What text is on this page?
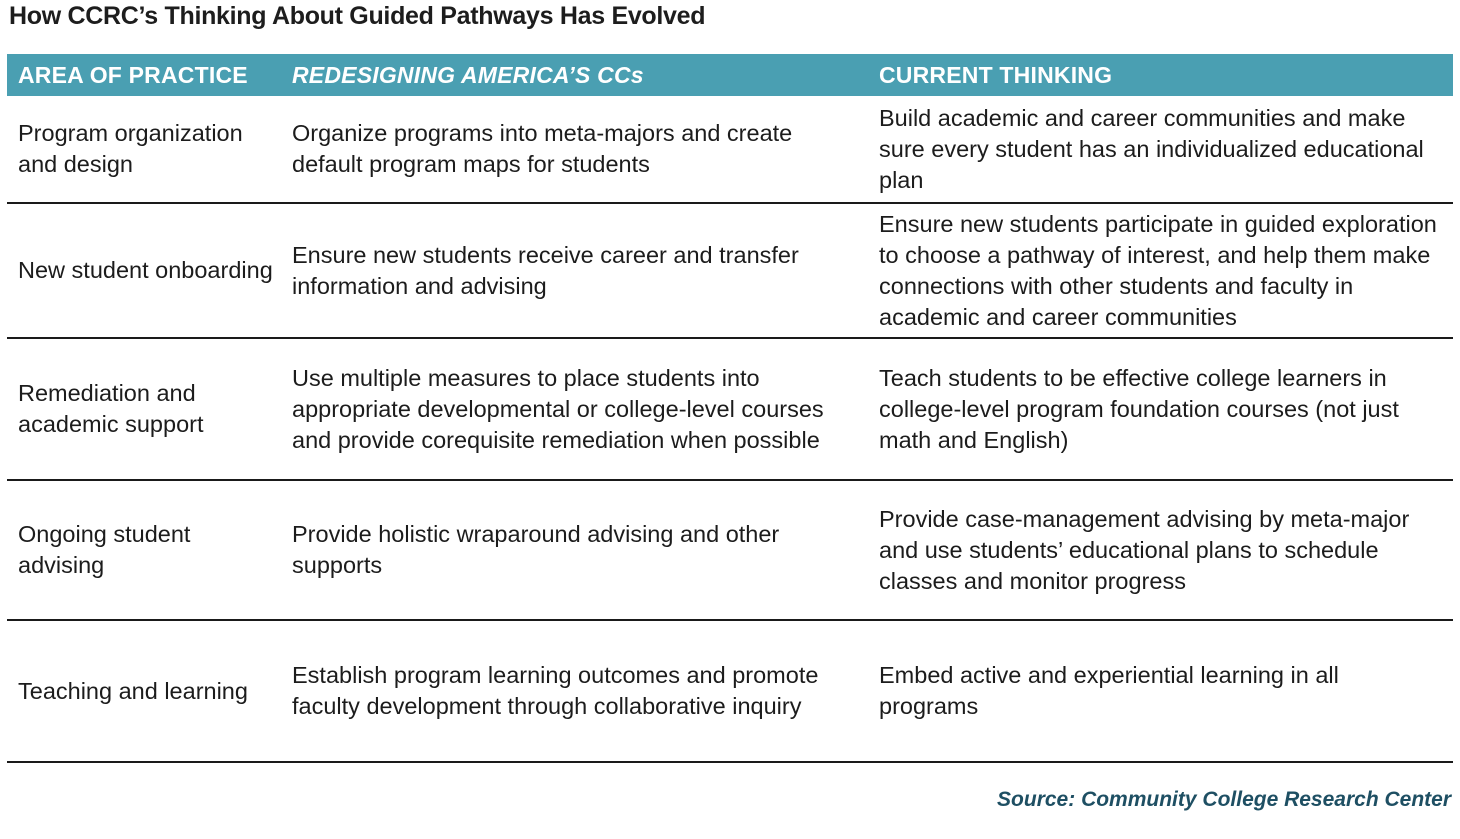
How CCRC’s Thinking About Guided Pathways Has Evolved
AREA OF PRACTICE REDESIGNING AMERICA’S CCs	CURRENT THINKING
Program organization and design
Organize programs into meta-majors and create default program maps for students
Build academic and career communities and make sure every student has an individualized educational plan
New student onboarding
Ensure new students receive career and transfer information and advising
Ensure new students participate in guided exploration to choose a pathway of interest, and help them make connections with other students and faculty in academic and career communities
Remediation and academic support
Use multiple measures to place students into appropriate developmental or college-level courses and provide corequisite remediation when possible
Teach students to be effective college learners in college-level program foundation courses (not just math and English)
Ongoing student advising
Provide holistic wraparound advising and other supports
Provide case-management advising by meta-major and use students’ educational plans to schedule classes and monitor progress
Teaching and learning
Establish program learning outcomes and promote faculty development through collaborative inquiry
Embed active and experiential learning in all programs
Source: Community College Research Center
